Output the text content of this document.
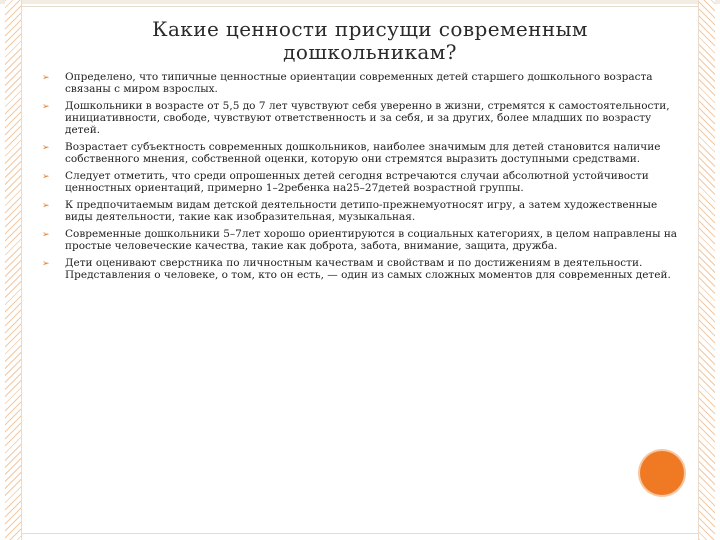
Какие ценности присущи современным дошкольникам?
➢ Определено, что типичные ценностные ориентации современных детей старшего дошкольного возраста связаны с миром взрослых.
➢ Дошкольники в возрасте от 5,5 до 7 лет чувствуют себя уверенно в жизни, стремятся к самостоятельности, инициативности, свободе, чувствуют ответственность и за себя, и за других, более младших по возрасту детей.
➢ Возрастает субъектность современных дошкольников, наиболее значимым для детей становится наличие собственного мнения, собственной оценки, которую они стремятся выразить доступными средствами.
➢ Следует отметить, что среди опрошенных детей сегодня встречаются случаи абсолютной устойчивости ценностных ориентаций, примерно 1–2ребенка на25–27детей возрастной группы.
➢ К предпочитаемым видам детской деятельности детипо-прежнемуотносят игру, а затем художественные виды деятельности, такие как изобразительная, музыкальная.
➢ Современные дошкольники 5–7лет хорошо ориентируются в социальных категориях, в целом направлены на простые человеческие качества, такие как доброта, забота, внимание, защита, дружба.
➢ Дети оценивают сверстника по личностным качествам и свойствам и по достижениям в деятельности. Представления о человеке, о том, кто он есть, — один из самых сложных моментов для современных детей.
